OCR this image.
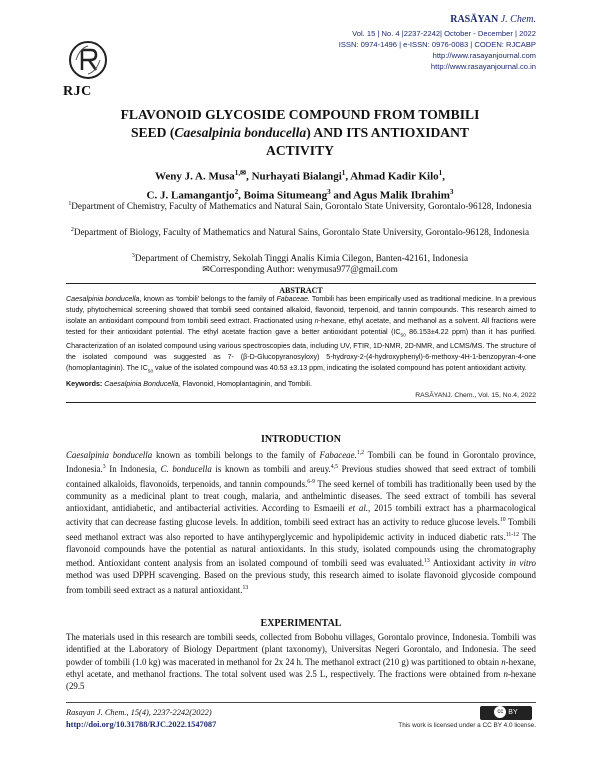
RJC
RASĀYAN J. Chem.
Vol. 15 | No. 4 |2237-2242| October - December | 2022
ISSN: 0974-1496 | e-ISSN: 0976-0083 | CODEN: RJCABP
http://www.rasayanjournal.com
http://www.rasayanjournal.co.in
FLAVONOID GLYCOSIDE COMPOUND FROM TOMBILI
SEED (Caesalpinia bonducella) AND ITS ANTIOXIDANT
ACTIVITY
Weny J. A. Musa$^{1,✉}$, Nurhayati Bialangi$^1$, Ahmad Kadir Kilo$^1$,
C. J. Lamangantjo$^2$, Boima Situmeang$^3$ and Agus Malik Ibrahim$^3$
$^1$Department of Chemistry, Faculty of Mathematics and Natural Sain, Gorontalo State University, Gorontalo-96128, Indonesia
$^2$Department of Biology, Faculty of Mathematics and Natural Sains, Gorontalo State University, Gorontalo-96128, Indonesia
$^3$Department of Chemistry, Sekolah Tinggi Analis Kimia Cilegon, Banten-42161, Indonesia
✉Corresponding Author: wenymusa977@gmail.com
ABSTRACT
Caesalpinia bonducella, known as ‘tombili’ belongs to the family of Fabaceae. Tombili has been empirically used as traditional medicine. In a previous study, phytochemical screening showed that tombili seed contained alkaloid, flavonoid, terpenoid, and tannin compounds. This research aimed to isolate an antioxidant compound from tombili seed extract. Fractionated using n-hexane, ethyl acetate, and methanol as a solvent. All fractions were tested for their antioxidant potential. The ethyl acetate fraction gave a better antioxidant potential ($IC_{50}$ 86.153±4.22 ppm) than it has purified. Characterization of an isolated compound using various spectroscopies data, including UV, FTIR, 1D-NMR, 2D-NMR, and LCMS/MS. The structure of the isolated compound was suggested as 7- (β-D-Glucopyranosyloxy) 5-hydroxy-2-(4-hydroxyphenyl)-6-methoxy-4H-1-benzopyran-4-one (homoplantaginin). The $IC_{50}$ value of the isolated compound was 40.53 ±3.13 ppm, indicating the isolated compound has potent antioxidant activity.
Keywords: Caesalpinia Bonducella, Flavonoid, Homoplantaginin, and Tombili.
RASĀYANJ. Chem., Vol. 15, No.4, 2022
INTRODUCTION
Caesalpinia bonducella known as tombili belongs to the family of Fabaceae.$^{1,2}$ Tombili can be found in Gorontalo province, Indonesia.$^3$ In Indonesia, C. bonducella is known as tombili and areuy.$^{4,5}$ Previous studies showed that seed extract of tombili contained alkaloids, flavonoids, terpenoids, and tannin compounds.$^{6-9}$ The seed kernel of tombili has traditionally been used by the community as a medicinal plant to treat cough, malaria, and anthelmintic diseases. The seed extract of tombili has several antioxidant, antidiabetic, and antibacterial activities. According to Esmaeili et al., 2015 tombili extract has a pharmacological activity that can decrease fasting glucose levels. In addition, tombili seed extract has an activity to reduce glucose levels.$^{10}$ Tombili seed methanol extract was also reported to have antihyperglycemic and hypolipidemic activity in induced diabetic rats.$^{11-12}$ The flavonoid compounds have the potential as natural antioxidants. In this study, isolated compounds using the chromatography method. Antioxidant content analysis from an isolated compound of tombili seed was evaluated.$^{13}$ Antioxidant activity in vitro method was used DPPH scavenging. Based on the previous study, this research aimed to isolate flavonoid glycoside compound from tombili seed extract as a natural antioxidant.$^{13}$
EXPERIMENTAL
The materials used in this research are tombili seeds, collected from Bobohu villages, Gorontalo province, Indonesia. Tombili was identified at the Laboratory of Biology Department (plant taxonomy), Universitas Negeri Gorontalo, and Indonesia. The seed powder of tombili (1.0 kg) was macerated in methanol for 2x 24 h. The methanol extract (210 g) was partitioned to obtain n-hexane, ethyl acetate, and methanol fractions. The total solvent used was 2.5 L, respectively. The fractions were obtained from n-hexane (29.5
Rasayan J. Chem., 15(4), 2237-2242(2022)
http://doi.org/10.31788/RJC.2022.1547087
cc BY
This work is licensed under a CC BY 4.0 license.
